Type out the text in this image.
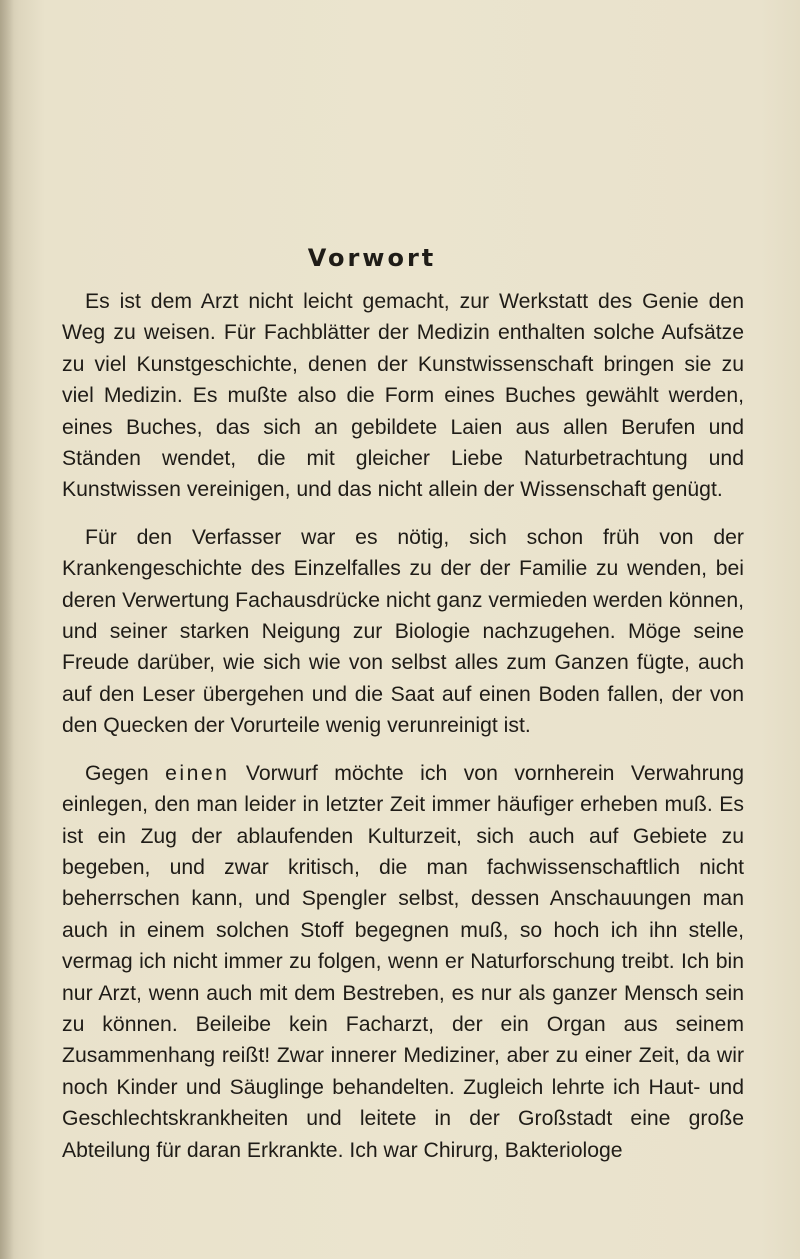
Vorwort

Es ist dem Arzt nicht leicht gemacht, zur Werkstatt des Genie den Weg zu weisen. Für Fachblätter der Medizin enthalten solche Aufsätze zu viel Kunstgeschichte, denen der Kunstwissenschaft bringen sie zu viel Medizin. Es mußte also die Form eines Buches gewählt werden, eines Buches, das sich an gebildete Laien aus allen Berufen und Ständen wendet, die mit gleicher Liebe Naturbetrachtung und Kunstwissen vereinigen, und das nicht allein der Wissenschaft genügt.

Für den Verfasser war es nötig, sich schon früh von der Krankengeschichte des Einzelfalles zu der der Familie zu wenden, bei deren Verwertung Fachausdrücke nicht ganz vermieden werden können, und seiner starken Neigung zur Biologie nachzugehen. Möge seine Freude darüber, wie sich wie von selbst alles zum Ganzen fügte, auch auf den Leser übergehen und die Saat auf einen Boden fallen, der von den Quecken der Vorurteile wenig verunreinigt ist.

Gegen einen Vorwurf möchte ich von vornherein Verwahrung einlegen, den man leider in letzter Zeit immer häufiger erheben muß. Es ist ein Zug der ablaufenden Kulturzeit, sich auch auf Gebiete zu begeben, und zwar kritisch, die man fachwissenschaftlich nicht beherrschen kann, und Spengler selbst, dessen Anschauungen man auch in einem solchen Stoff begegnen muß, so hoch ich ihn stelle, vermag ich nicht immer zu folgen, wenn er Naturforschung treibt. Ich bin nur Arzt, wenn auch mit dem Bestreben, es nur als ganzer Mensch sein zu können. Beileibe kein Facharzt, der ein Organ aus seinem Zusammenhang reißt! Zwar innerer Mediziner, aber zu einer Zeit, da wir noch Kinder und Säuglinge behandelten. Zugleich lehrte ich Haut- und Geschlechtskrankheiten und leitete in der Großstadt eine große Abteilung für daran Erkrankte. Ich war Chirurg, Bakteriologe
